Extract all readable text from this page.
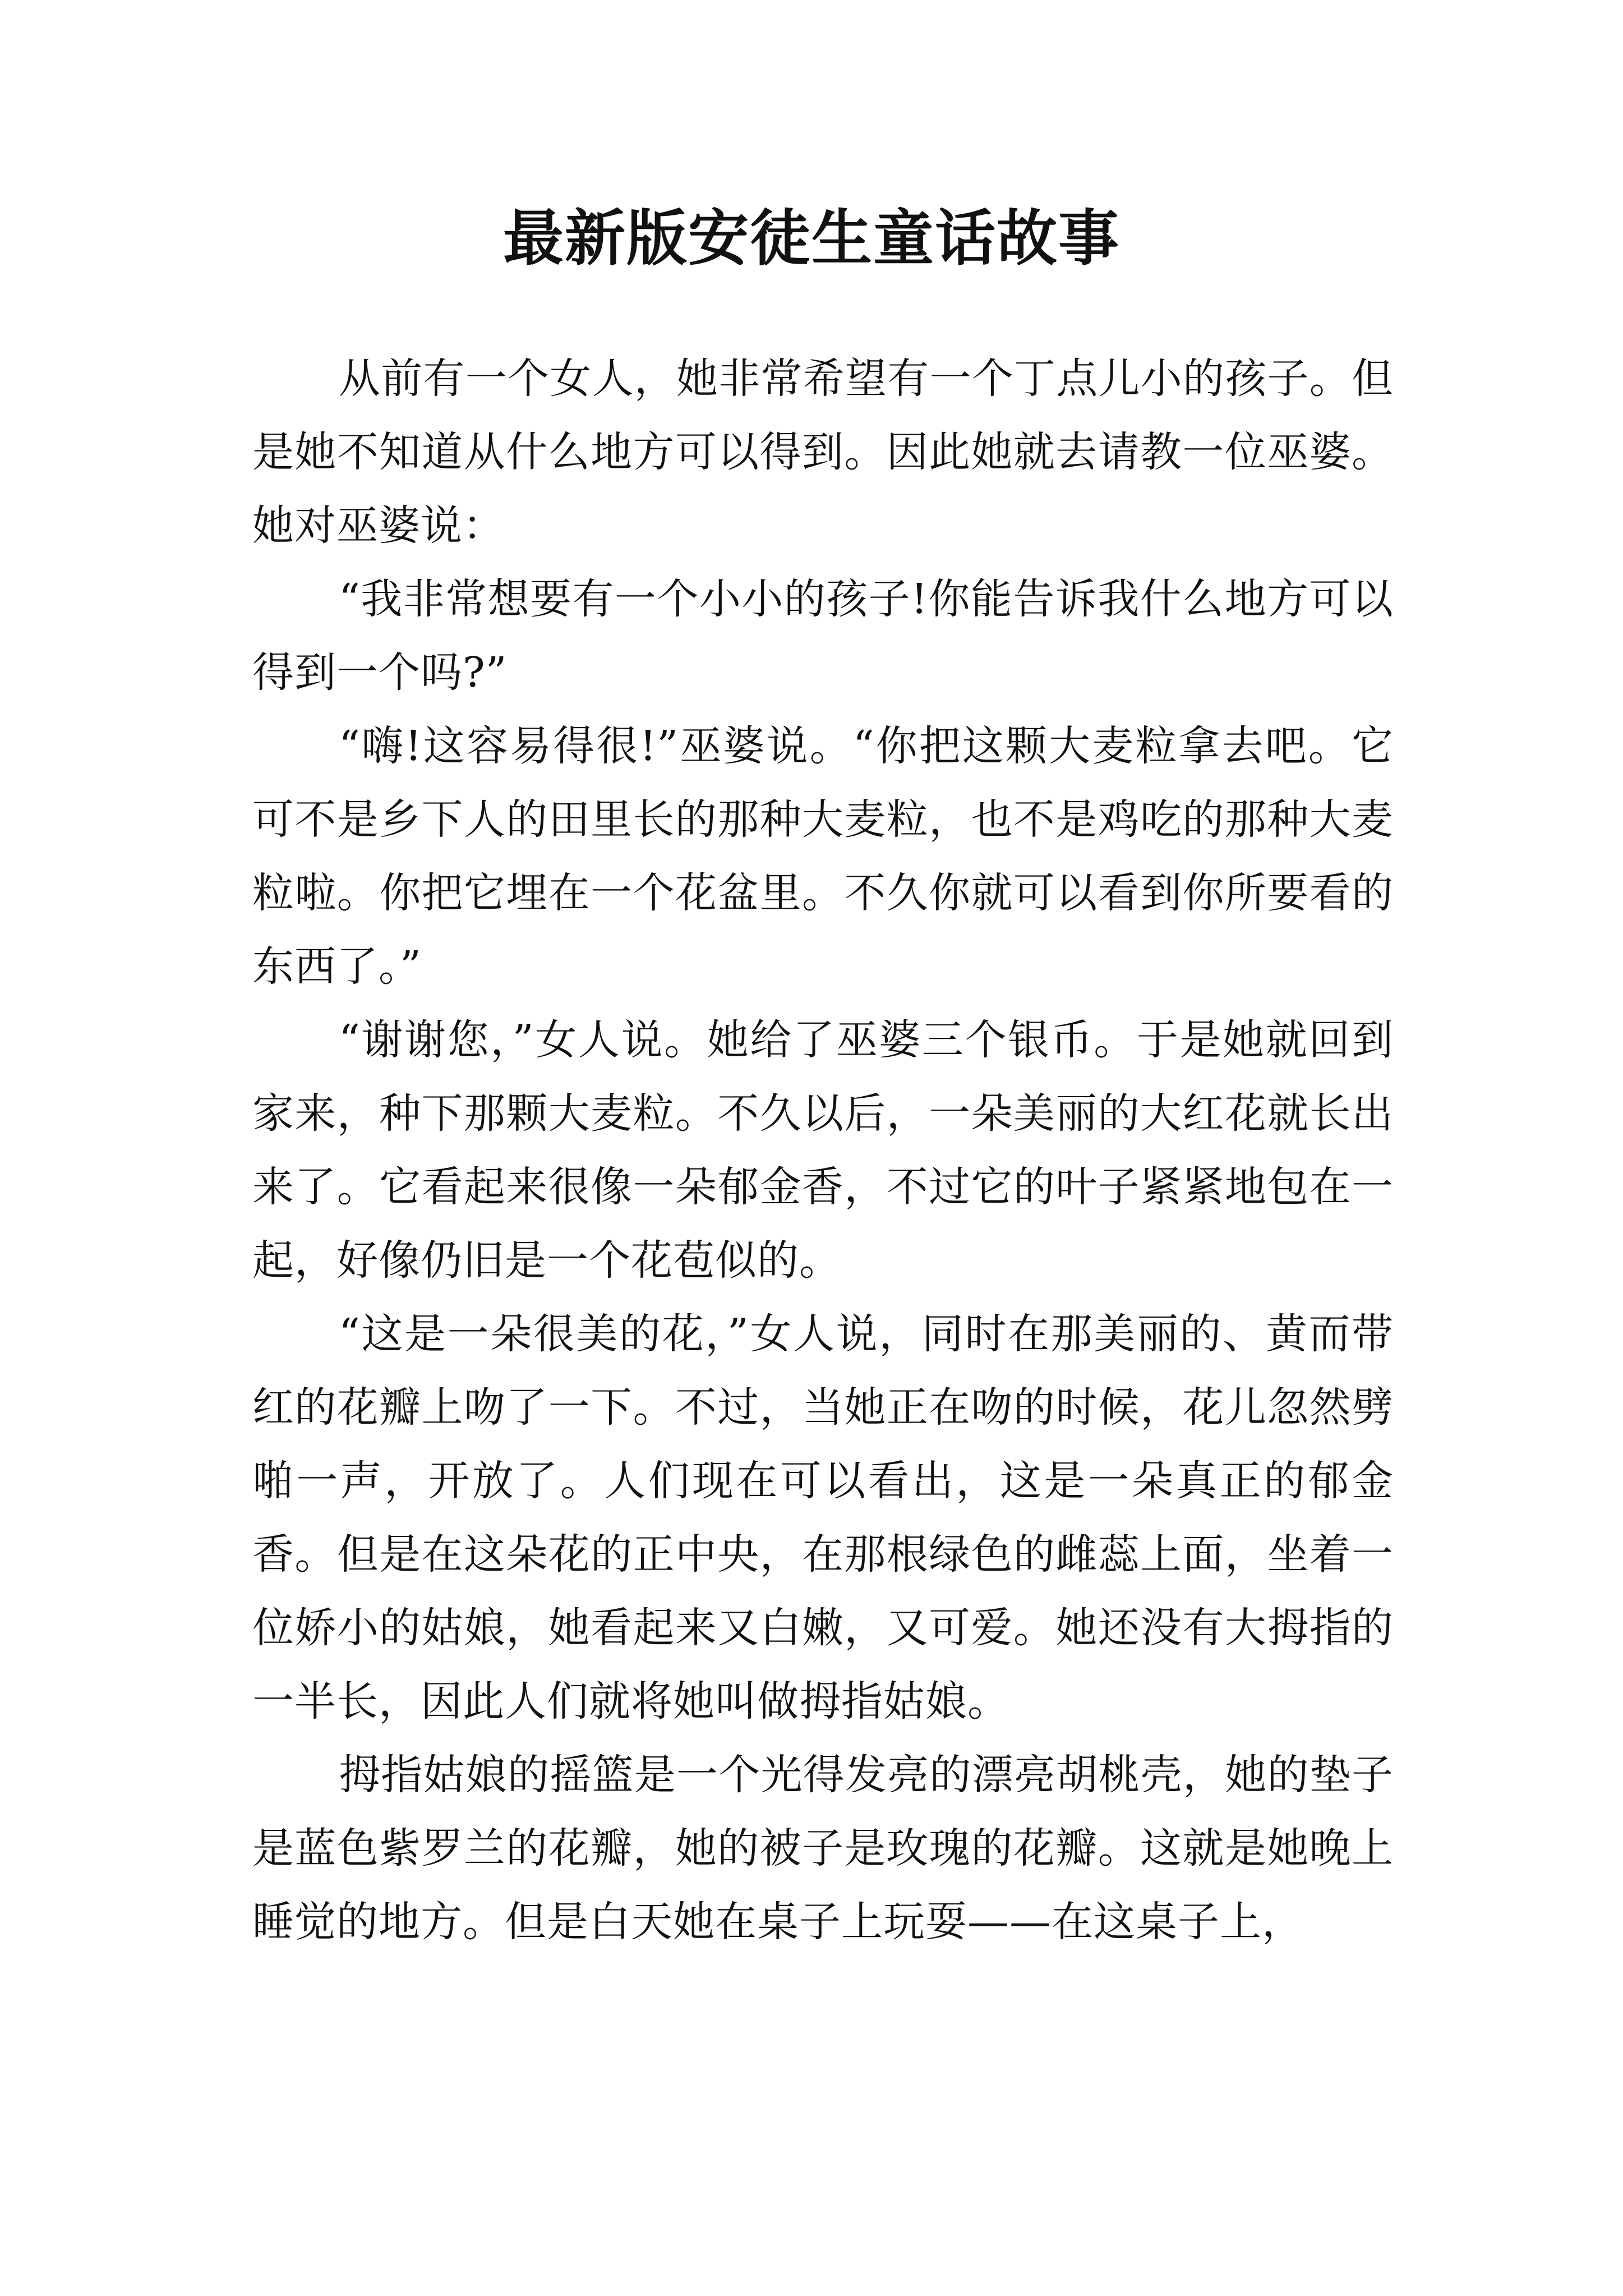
最新版安徒生童话故事

从前有一个女人，她非常希望有一个丁点儿小的孩子。但是她不知道从什么地方可以得到。因此她就去请教一位巫婆。她对巫婆说：

“我非常想要有一个小小的孩子!你能告诉我什么地方可以得到一个吗?”

“嗨!这容易得很!”巫婆说。“你把这颗大麦粒拿去吧。它可不是乡下人的田里长的那种大麦粒，也不是鸡吃的那种大麦粒啦。你把它埋在一个花盆里。不久你就可以看到你所要看的东西了。”

“谢谢您，”女人说。她给了巫婆三个银币。于是她就回到家来，种下那颗大麦粒。不久以后，一朵美丽的大红花就长出来了。它看起来很像一朵郁金香，不过它的叶子紧紧地包在一起，好像仍旧是一个花苞似的。

“这是一朵很美的花，”女人说，同时在那美丽的、黄而带红的花瓣上吻了一下。不过，当她正在吻的时候，花儿忽然劈啪一声，开放了。人们现在可以看出，这是一朵真正的郁金香。但是在这朵花的正中央，在那根绿色的雌蕊上面，坐着一位娇小的姑娘，她看起来又白嫩，又可爱。她还没有大拇指的一半长，因此人们就将她叫做拇指姑娘。

拇指姑娘的摇篮是一个光得发亮的漂亮胡桃壳，她的垫子是蓝色紫罗兰的花瓣，她的被子是玫瑰的花瓣。这就是她晚上睡觉的地方。但是白天她在桌子上玩耍——在这桌子上，
